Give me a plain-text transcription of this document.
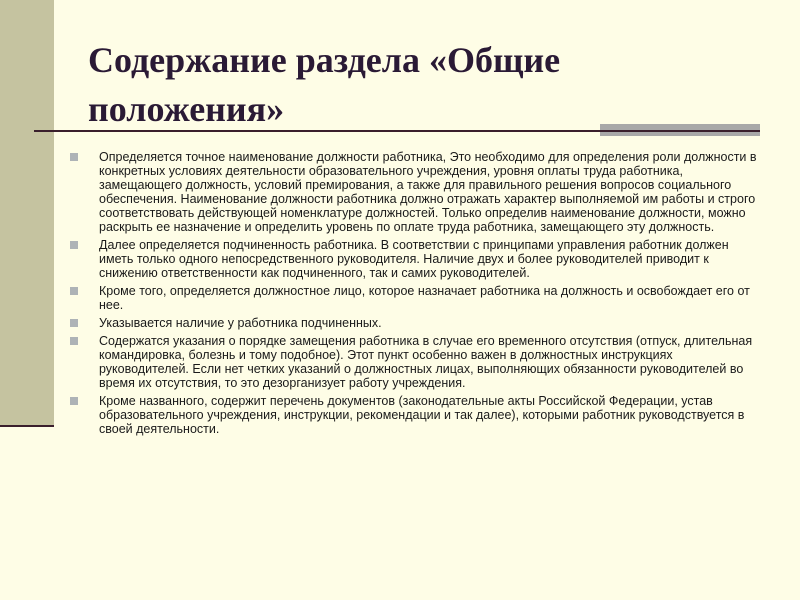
Содержание раздела «Общие положения»
Определяется точное наименование должности работника, Это необходимо для определения роли должности в конкретных условиях деятельности образовательного учреждения, уровня оплаты труда работника, замещающего должность, условий премирования, а также для правильного решения вопросов социального обеспечения. Наименование должности работника должно отражать характер выполняемой им работы и строго соответствовать действующей номенклатуре должностей. Только определив наименование должности, можно раскрыть ее назначение и определить уровень по оплате труда работника, замещающего эту должность.
Далее определяется подчиненность работника. В соответствии с принципами управления работник должен иметь только одного непосредственного руководителя. Наличие двух и более руководителей приводит к снижению ответственности как подчиненного, так и самих руководителей.
Кроме того, определяется должностное лицо, которое назначает работника на должность и освобождает его от нее.
Указывается наличие у работника подчиненных.
Содержатся указания о порядке замещения работника в случае его временного отсутствия (отпуск, длительная командировка, болезнь и тому подобное). Этот пункт особенно важен в должностных инструкциях руководителей. Если нет четких указаний о должностных лицах, выполняющих обязанности руководителей во время их отсутствия, то это дезорганизует работу учреждения.
Кроме названного, содержит перечень документов (законодательные акты Российской Федерации, устав образовательного учреждения, инструкции, рекомендации и так далее), которыми работник руководствуется в своей деятельности.
